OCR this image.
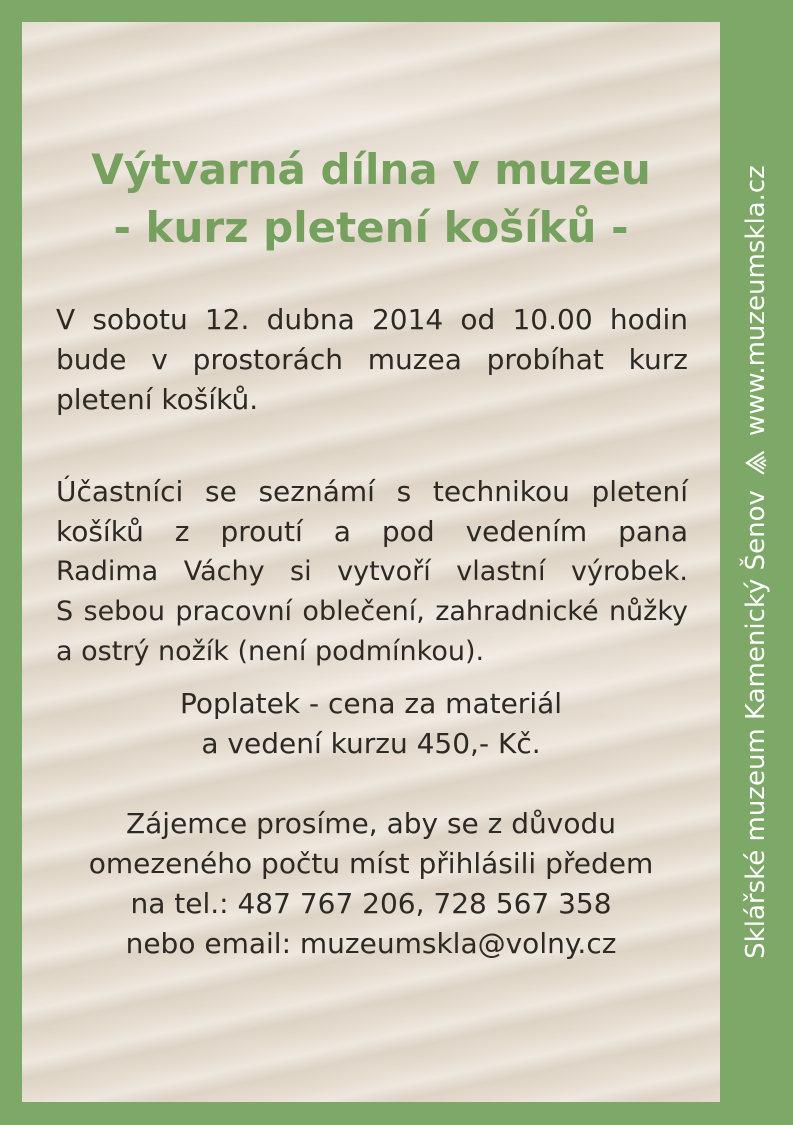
Výtvarná dílna v muzeu
- kurz pletení košíků -
V sobotu 12. dubna 2014 od 10.00 hodin
bude v prostorách muzea probíhat kurz
pletení košíků.
Účastníci se seznámí s technikou pletení
košíků z proutí a pod vedením pana
Radima Váchy si vytvoří vlastní výrobek.
S sebou pracovní oblečení, zahradnické nůžky
a ostrý nožík (není podmínkou).
Poplatek - cena za materiál
a vedení kurzu 450,- Kč.
Zájemce prosíme, aby se z důvodu
omezeného počtu míst přihlásili předem
na tel.: 487 767 206, 728 567 358
nebo email: muzeumskla@volny.cz	Sklářské muzeum Kamenický Šenov
www.muzeumskla.cz
